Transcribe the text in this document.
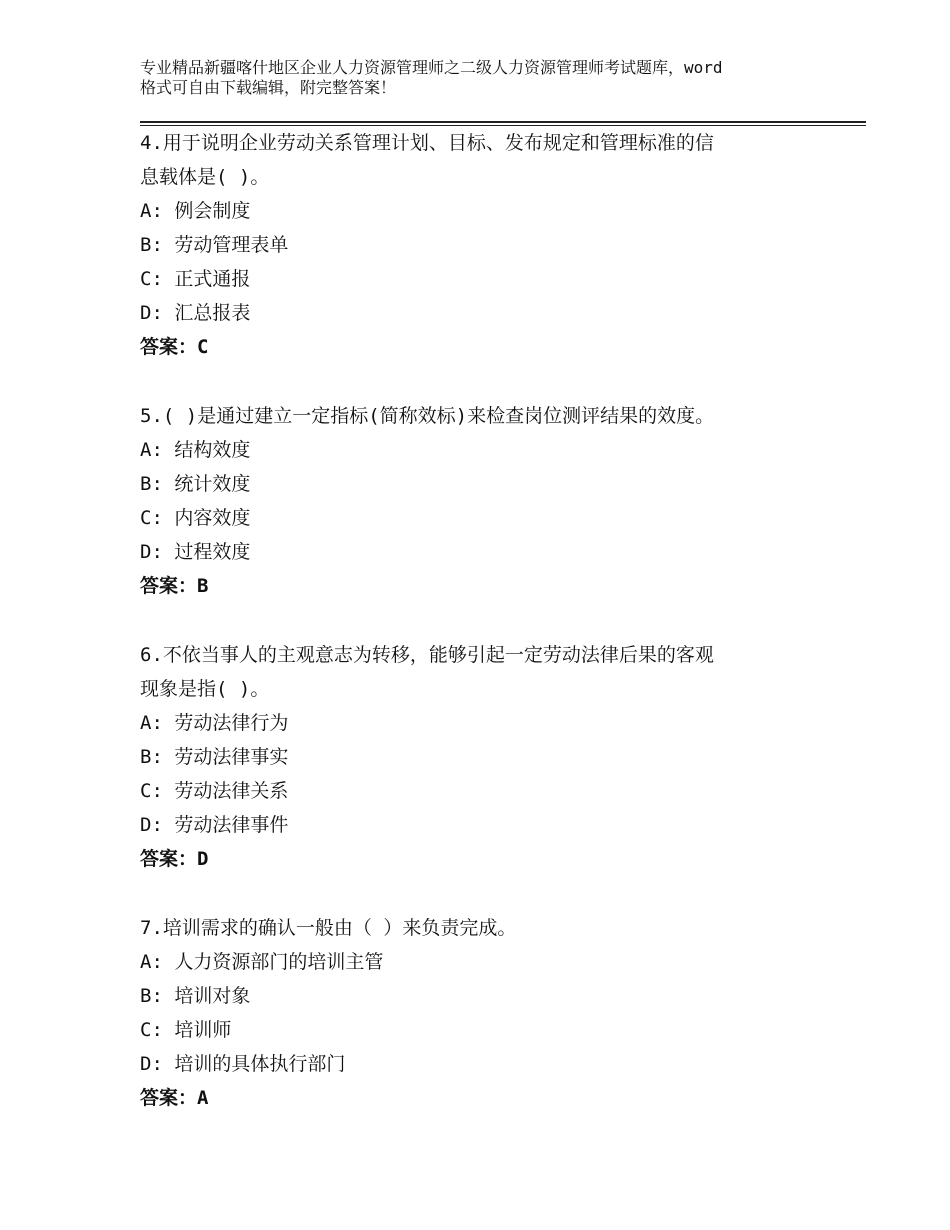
专业精品新疆喀什地区企业人力资源管理师之二级人力资源管理师考试题库，word
格式可自由下载编辑，附完整答案！
4.用于说明企业劳动关系管理计划、目标、发布规定和管理标准的信
息载体是( )。
A: 例会制度
B: 劳动管理表单
C: 正式通报
D: 汇总报表
答案：C
5.( )是通过建立一定指标(简称效标)来检查岗位测评结果的效度。
A: 结构效度
B: 统计效度
C: 内容效度
D: 过程效度
答案：B
6.不依当事人的主观意志为转移，能够引起一定劳动法律后果的客观
现象是指( )。
A: 劳动法律行为
B: 劳动法律事实
C: 劳动法律关系
D: 劳动法律事件
答案：D
7.培训需求的确认一般由（ ）来负责完成。
A: 人力资源部门的培训主管
B: 培训对象
C: 培训师
D: 培训的具体执行部门
答案：A
